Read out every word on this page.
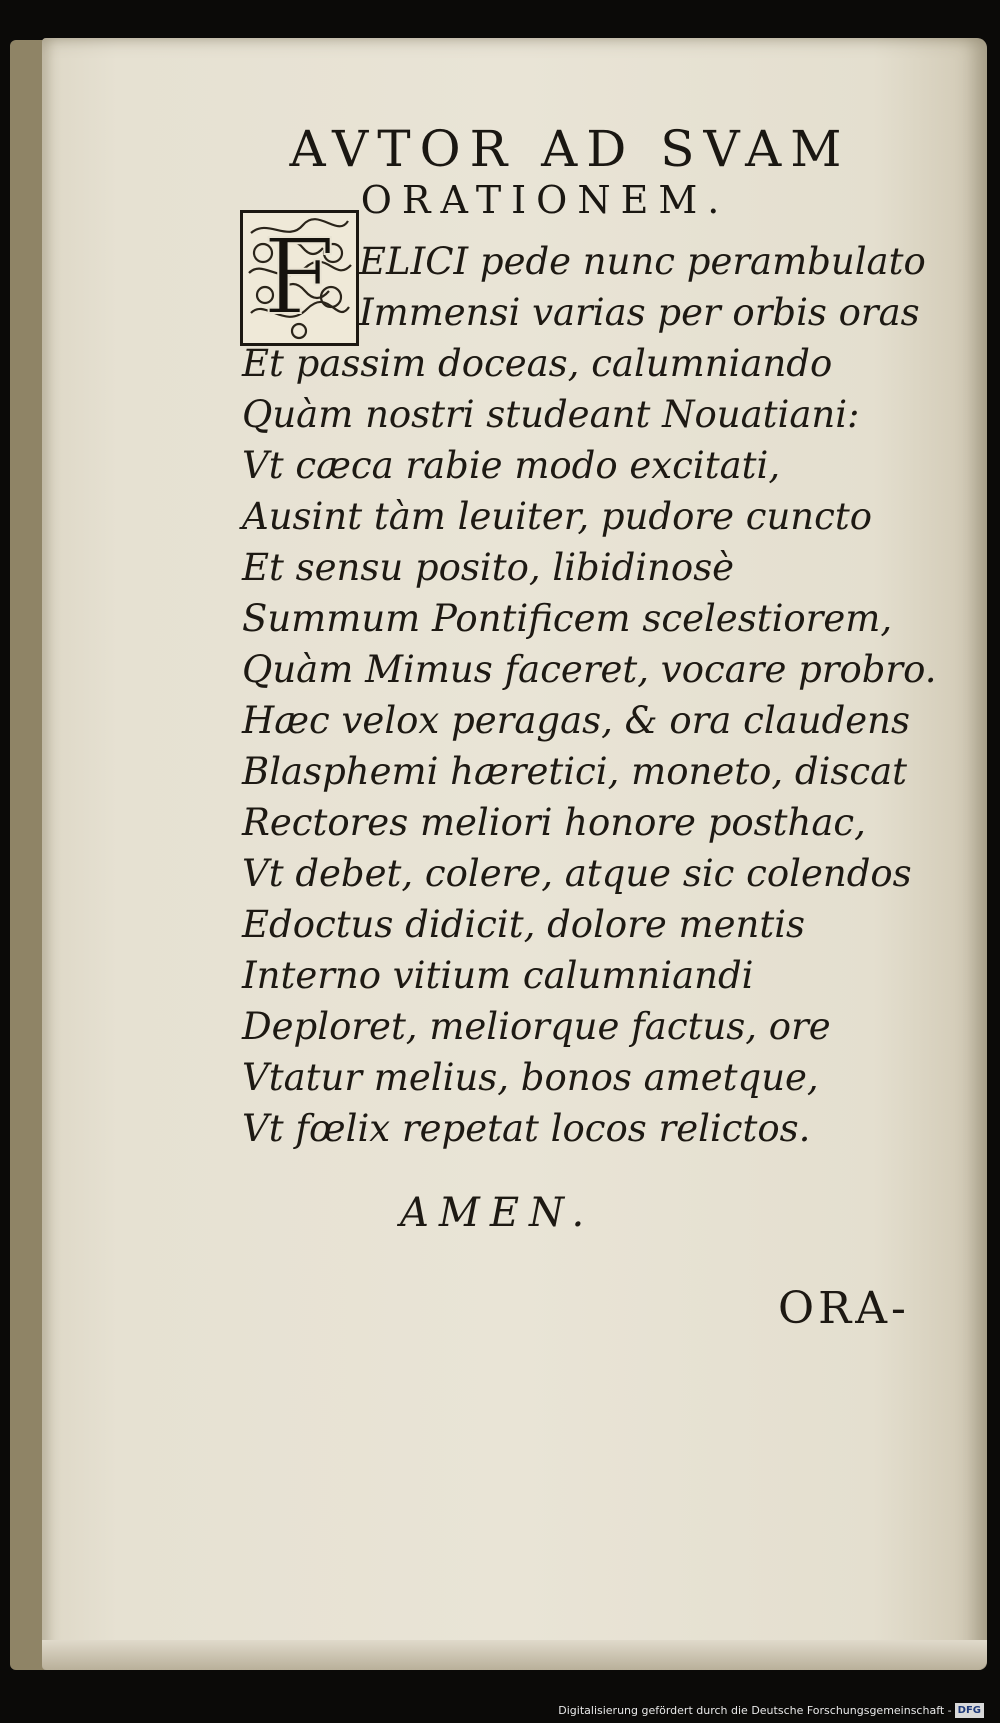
AVTOR AD SVAM
ORATIONEM.
F ELICI pede nunc perambulato
Immensi varias per orbis oras
Et passim doceas, calumniando
Quàm nostri studeant Nouatiani:
Vt cæca rabie modo excitati,
Ausint tàm leuiter, pudore cuncto
Et sensu posito, libidinosè
Summum Pontificem scelestiorem,
Quàm Mimus faceret, vocare probro.
Hæc velox peragas, & ora claudens
Blasphemi hæretici, moneto, discat
Rectores meliori honore posthac,
Vt debet, colere, atque sic colendos
Edoctus didicit, dolore mentis
Interno vitium calumniandi
Deploret, meliorque factus, ore
Vtatur melius, bonos ametque,
Vt fœlix repetat locos relictos.
AMEN.
ORA-
Digitalisierung gefördert durch die Deutsche Forschungsgemeinschaft - DFG
